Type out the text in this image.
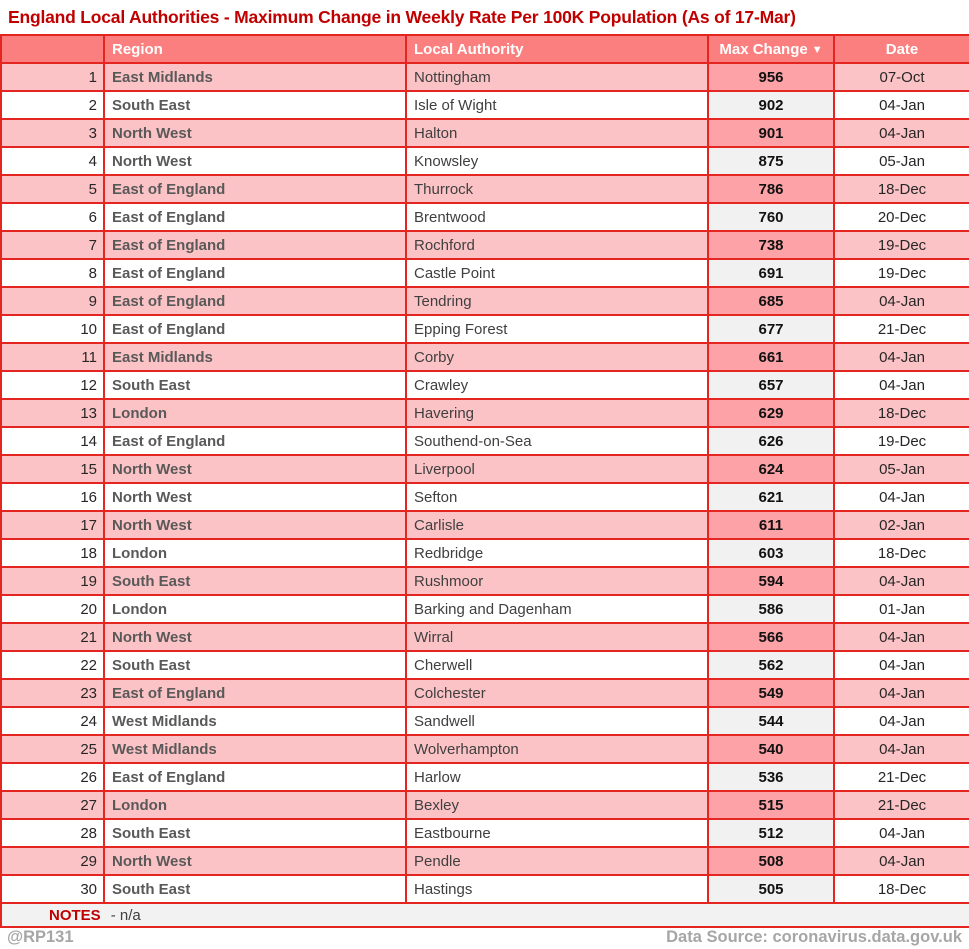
England Local Authorities - Maximum Change in Weekly Rate Per 100K Population (As of 17-Mar)
	Region	Local Authority	Max Change ▼	Date
1	East Midlands	Nottingham	956	07-Oct
2	South East	Isle of Wight	902	04-Jan
3	North West	Halton	901	04-Jan
4	North West	Knowsley	875	05-Jan
5	East of England	Thurrock	786	18-Dec
6	East of England	Brentwood	760	20-Dec
7	East of England	Rochford	738	19-Dec
8	East of England	Castle Point	691	19-Dec
9	East of England	Tendring	685	04-Jan
10	East of England	Epping Forest	677	21-Dec
11	East Midlands	Corby	661	04-Jan
12	South East	Crawley	657	04-Jan
13	London	Havering	629	18-Dec
14	East of England	Southend-on-Sea	626	19-Dec
15	North West	Liverpool	624	05-Jan
16	North West	Sefton	621	04-Jan
17	North West	Carlisle	611	02-Jan
18	London	Redbridge	603	18-Dec
19	South East	Rushmoor	594	04-Jan
20	London	Barking and Dagenham	586	01-Jan
21	North West	Wirral	566	04-Jan
22	South East	Cherwell	562	04-Jan
23	East of England	Colchester	549	04-Jan
24	West Midlands	Sandwell	544	04-Jan
25	West Midlands	Wolverhampton	540	04-Jan
26	East of England	Harlow	536	21-Dec
27	London	Bexley	515	21-Dec
28	South East	Eastbourne	512	04-Jan
29	North West	Pendle	508	04-Jan
30	South East	Hastings	505	18-Dec
NOTES - n/a				
@RP131	Data Source: coronavirus.data.gov.uk
